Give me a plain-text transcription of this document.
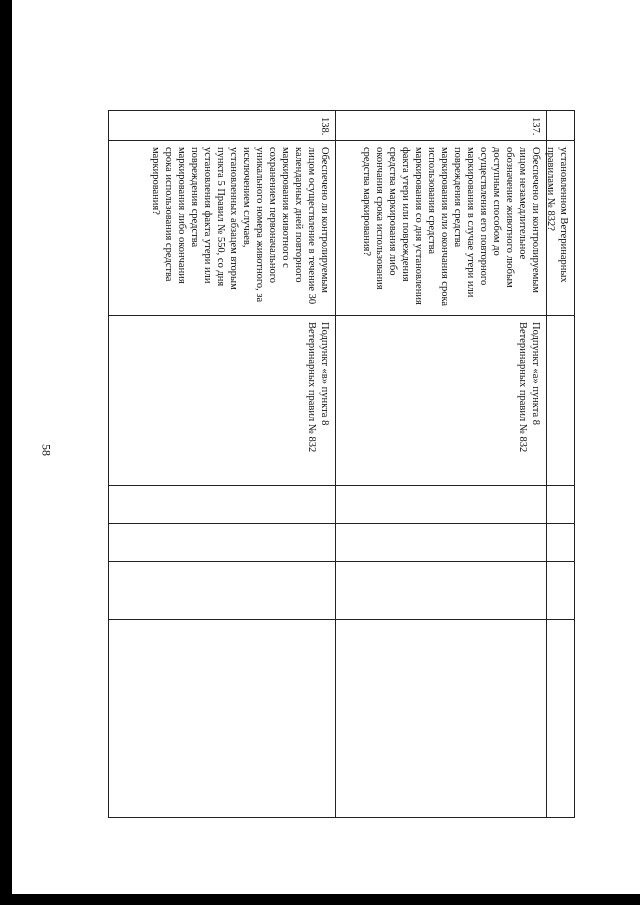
58
установленном Ветеринарных правилами № 832?
137.
Обеспечено ли контролируемым лицом незамедлительное обозначение животного любым доступным способом до осуществления его повторного маркирования в случае утери или повреждения средства маркирования или окончания срока использования средства маркирования со дня установления факта утери или повреждения средства маркирования либо окончания срока использования средства маркирования?
Подпункт «а» пункта 8 Ветеринарных правил № 832
138.
Обеспечено ли контролируемым лицом осуществление в течение 30 календарных дней повторного маркирования животного с сохранением первоначального уникального номера животного, за исключением случаев, установленных абзацем вторым пункта 5 Правил № 550, со дня установления факта утери или повреждения средства маркирования либо окончания срока использования средства маркирования?
Подпункт «в» пункта 8 Ветеринарных правил № 832
